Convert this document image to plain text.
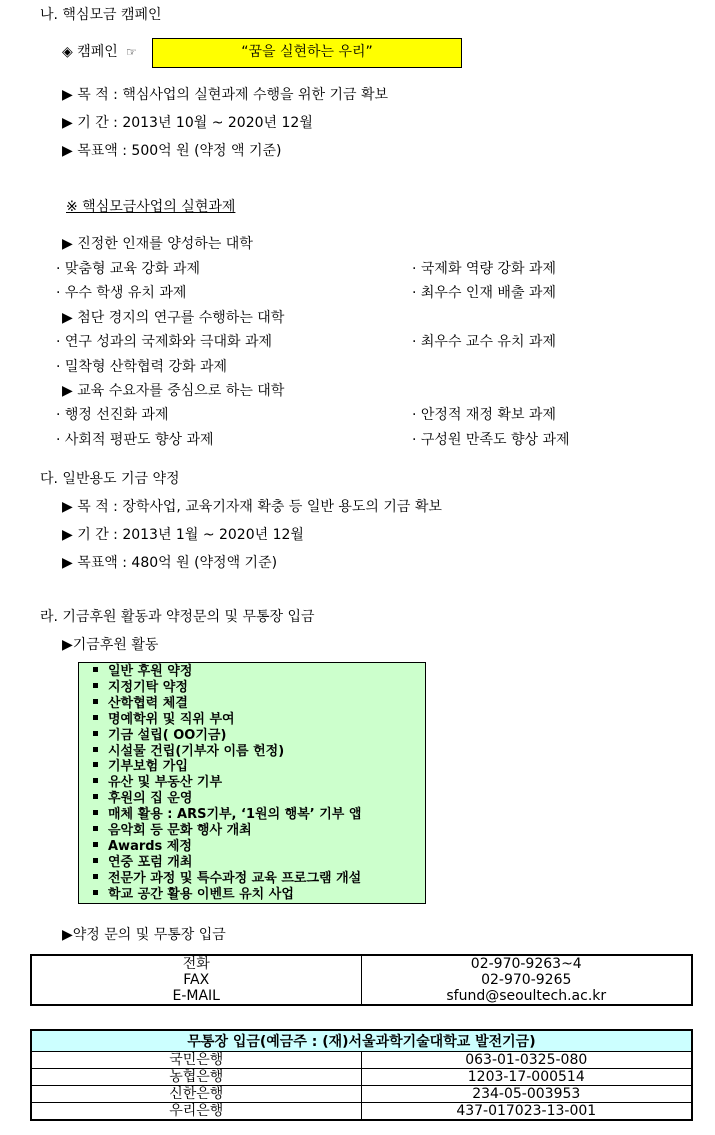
나. 핵심모금 캠페인
◈ 캠페인 ☞	“꿈을 실현하는 우리”
▶ 목 적 : 핵심사업의 실현과제 수행을 위한 기금 확보
▶ 기 간 : 2013년 10월 ~ 2020년 12월
▶ 목표액 : 500억 원 (약정 액 기준)
※ 핵심모금사업의 실현과제
▶ 진정한 인재를 양성하는 대학
· 맞춤형 교육 강화 과제	· 국제화 역량 강화 과제
· 우수 학생 유치 과제	· 최우수 인재 배출 과제
▶ 첨단 경지의 연구를 수행하는 대학
· 연구 성과의 국제화와 극대화 과제	· 최우수 교수 유치 과제
· 밀착형 산학협력 강화 과제
▶ 교육 수요자를 중심으로 하는 대학
· 행정 선진화 과제	· 안정적 재정 확보 과제
· 사회적 평판도 향상 과제	· 구성원 만족도 향상 과제
다. 일반용도 기금 약정
▶ 목 적 : 장학사업, 교육기자재 확충 등 일반 용도의 기금 확보
▶ 기 간 : 2013년 1월 ~ 2020년 12월
▶ 목표액 : 480억 원 (약정액 기준)
라. 기금후원 활동과 약정문의 및 무통장 입금
▶기금후원 활동
일반 후원 약정
지정기탁 약정
산학협력 체결
명예학위 및 직위 부여
기금 설립( OO기금)
시설물 건립(기부자 이름 헌정)
기부보험 가입
유산 및 부동산 기부
후원의 집 운영
매체 활용 : ARS기부, ‘1원의 행복’ 기부 앱
음악회 등 문화 행사 개최
Awards 제정
연중 포럼 개최
전문가 과정 및 특수과정 교육 프로그램 개설
학교 공간 활용 이벤트 유치 사업
▶약정 문의 및 무통장 입금
전화	02-970-9263~4
FAX	02-970-9265
E-MAIL	sfund@seoultech.ac.kr
무통장 입금(예금주 : (재)서울과학기술대학교 발전기금)	
국민은행	063-01-0325-080
농협은행	1203-17-000514
신한은행	234-05-003953
우리은행	437-017023-13-001
